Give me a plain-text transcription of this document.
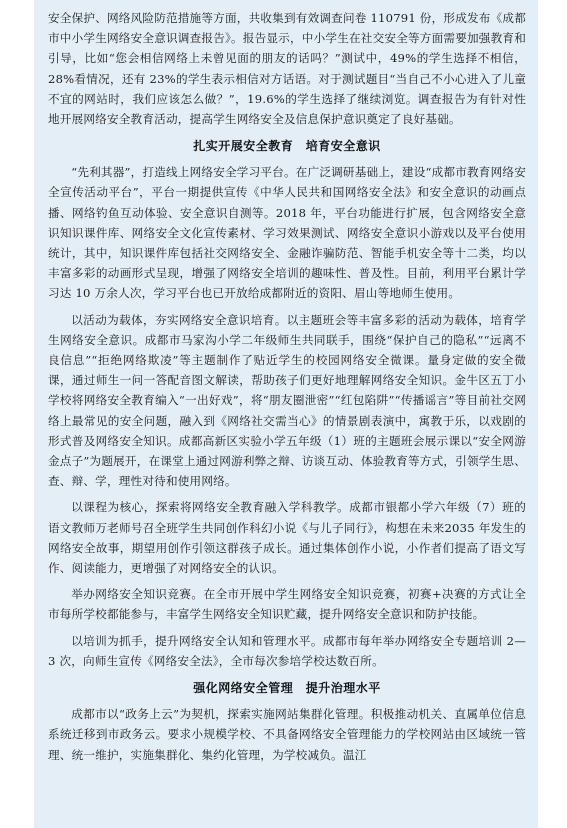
安全保护、网络风险防范措施等方面，共收集到有效调查问卷 110791 份，形成发布《成都市中小学生网络安全意识调查报告》。报告显示，中小学生在社交安全等方面需要加强教育和引导，比如“您会相信网络上未曾见面的朋友的话吗？”测试中，49%的学生选择不相信，28%看情况，还有 23%的学生表示相信对方话语。对于测试题目“当自己不小心进入了儿童不宜的网站时，我们应该怎么做？”，19.6%的学生选择了继续浏览。调查报告为有针对性地开展网络安全教育活动，提高学生网络安全及信息保护意识奠定了良好基础。

扎实开展安全教育　培育安全意识

“先利其器”，打造线上网络安全学习平台。在广泛调研基础上，建设“成都市教育网络安全宣传活动平台”，平台一期提供宣传《中华人民共和国网络安全法》和安全意识的动画点播、网络钓鱼互动体验、安全意识自测等。2018 年，平台功能进行扩展，包含网络安全意识知识课件库、网络安全文化宣传素材、学习效果测试、网络安全意识小游戏以及平台使用统计，其中，知识课件库包括社交网络安全、金融诈骗防范、智能手机安全等十二类，均以丰富多彩的动画形式呈现，增强了网络安全培训的趣味性、普及性。目前，利用平台累计学习达 10 万余人次，学习平台也已开放给成都附近的资阳、眉山等地师生使用。

以活动为载体，夯实网络安全意识培育。以主题班会等丰富多彩的活动为载体，培育学生网络安全意识。成都市马家沟小学二年级师生共同联手，围绕“保护自己的隐私”“远离不良信息”“拒绝网络欺凌”等主题制作了贴近学生的校园网络安全微课。量身定做的安全微课，通过师生一问一答配音图文解读，帮助孩子们更好地理解网络安全知识。金牛区五丁小学校将网络安全教育编入“一出好戏”，将“朋友圈泄密”“红包陷阱”“传播谣言”等目前社交网络上最常见的安全问题，融入到《网络社交需当心》的情景剧表演中，寓教于乐，以戏剧的形式普及网络安全知识。成都高新区实验小学五年级（1）班的主题班会展示课以“安全网游金点子”为题展开，在课堂上通过网游利弊之辩、访谈互动、体验教育等方式，引领学生思、查、辩、学，理性对待和使用网络。

以课程为核心，探索将网络安全教育融入学科教学。成都市银都小学六年级（7）班的语文教师万老师号召全班学生共同创作科幻小说《与儿子同行》，构想在未来2035 年发生的网络安全故事，期望用创作引领这群孩子成长。通过集体创作小说，小作者们提高了语文写作、阅读能力，更增强了对网络安全的认识。

举办网络安全知识竞赛。在全市开展中学生网络安全知识竞赛，初赛+决赛的方式让全市每所学校都能参与，丰富学生网络安全知识贮藏，提升网络安全意识和防护技能。

以培训为抓手，提升网络安全认知和管理水平。成都市每年举办网络安全专题培训 2—3 次，向师生宣传《网络安全法》，全市每次参培学校达数百所。

强化网络安全管理　提升治理水平

成都市以“政务上云”为契机，探索实施网站集群化管理。积极推动机关、直属单位信息系统迁移到市政务云。要求小规模学校、不具备网络安全管理能力的学校网站由区域统一管理、统一维护，实施集群化、集约化管理，为学校减负。温江
